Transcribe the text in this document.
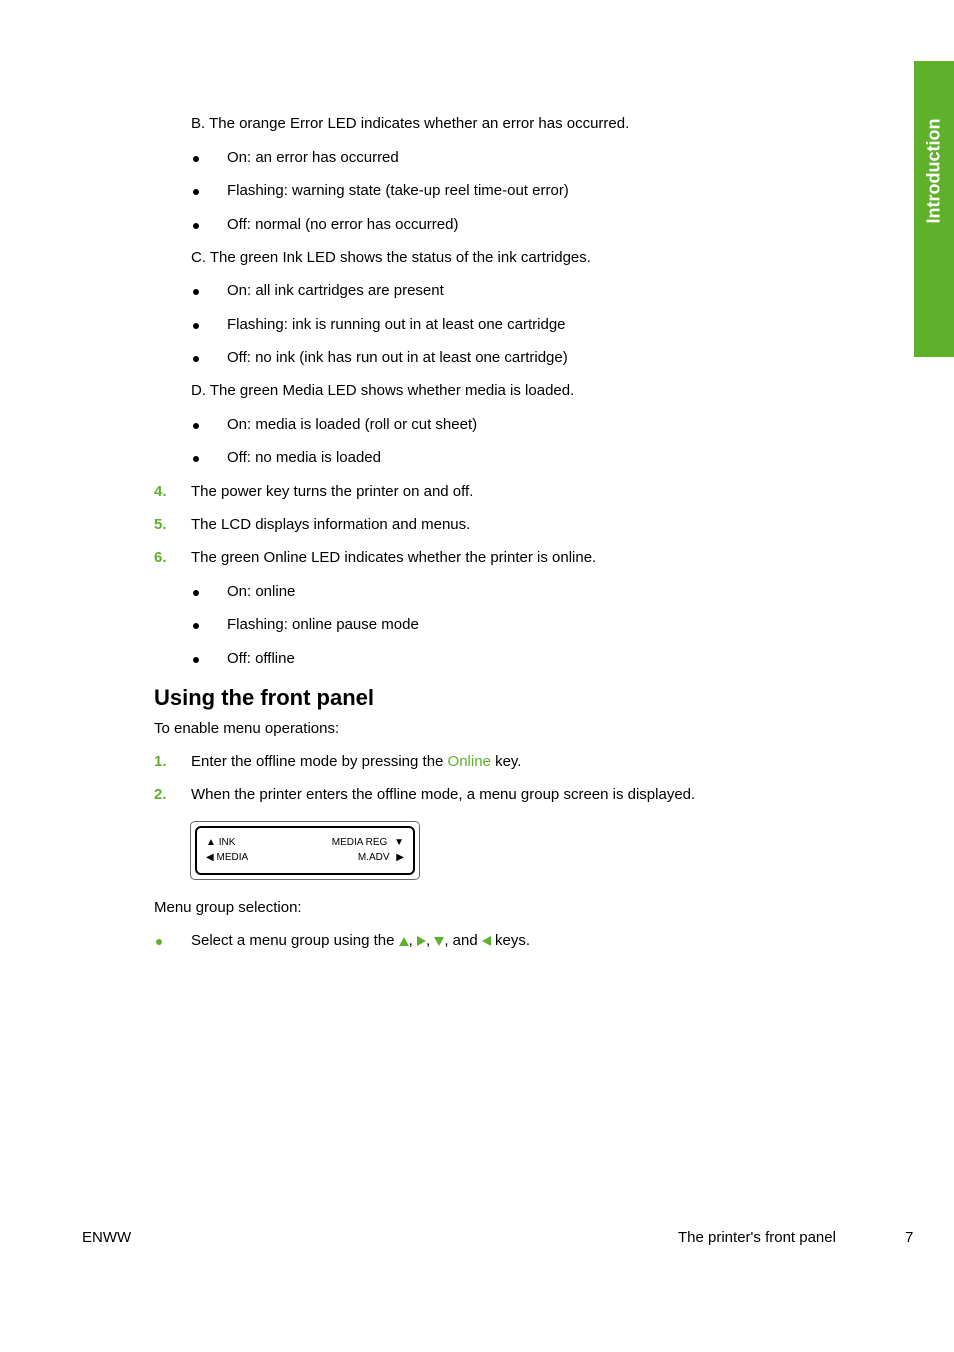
Introduction
B. The orange Error LED indicates whether an error has occurred.
On: an error has occurred
Flashing: warning state (take-up reel time-out error)
Off: normal (no error has occurred)
C. The green Ink LED shows the status of the ink cartridges.
On: all ink cartridges are present
Flashing: ink is running out in at least one cartridge
Off: no ink (ink has run out in at least one cartridge)
D. The green Media LED shows whether media is loaded.
On: media is loaded (roll or cut sheet)
Off: no media is loaded
4. The power key turns the printer on and off.
5. The LCD displays information and menus.
6. The green Online LED indicates whether the printer is online.
On: online
Flashing: online pause mode
Off: offline
Using the front panel
To enable menu operations:
1. Enter the offline mode by pressing the Online key.
2. When the printer enters the offline mode, a menu group screen is displayed.
▲ INK
◀ MEDIA
MEDIA REG ▼
M.ADV ▶
Menu group selection:
Select a menu group using the , , , and  keys.
ENWW	The printer's front panel	7
